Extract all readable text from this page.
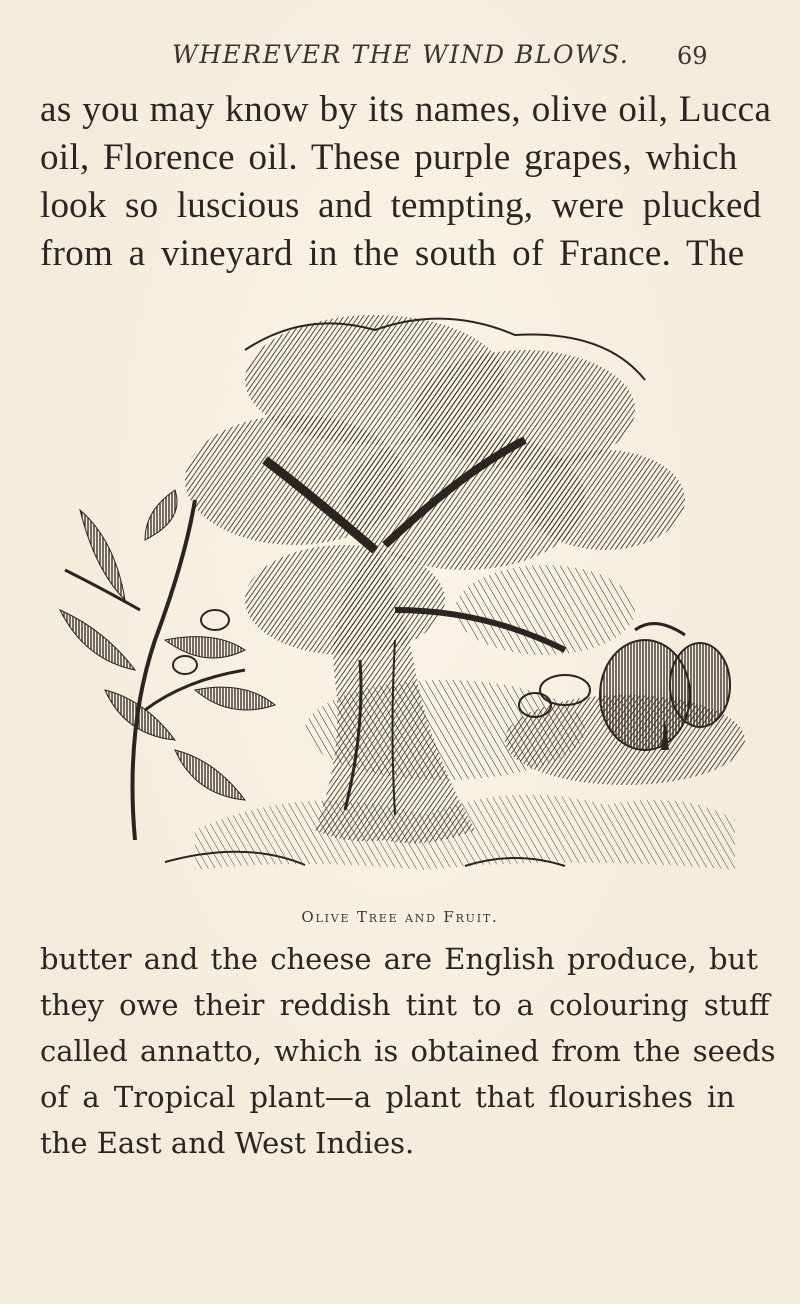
WHEREVER THE WIND BLOWS. 69

as you may know by its names, olive oil, Lucca
oil, Florence oil. These purple grapes, which
look so luscious and tempting, were plucked
from a vineyard in the south of France. The

Olive Tree and Fruit.

butter and the cheese are English produce, but
they owe their reddish tint to a colouring stuff
called annatto, which is obtained from the seeds
of a Tropical plant—a plant that flourishes in
the East and West Indies.
